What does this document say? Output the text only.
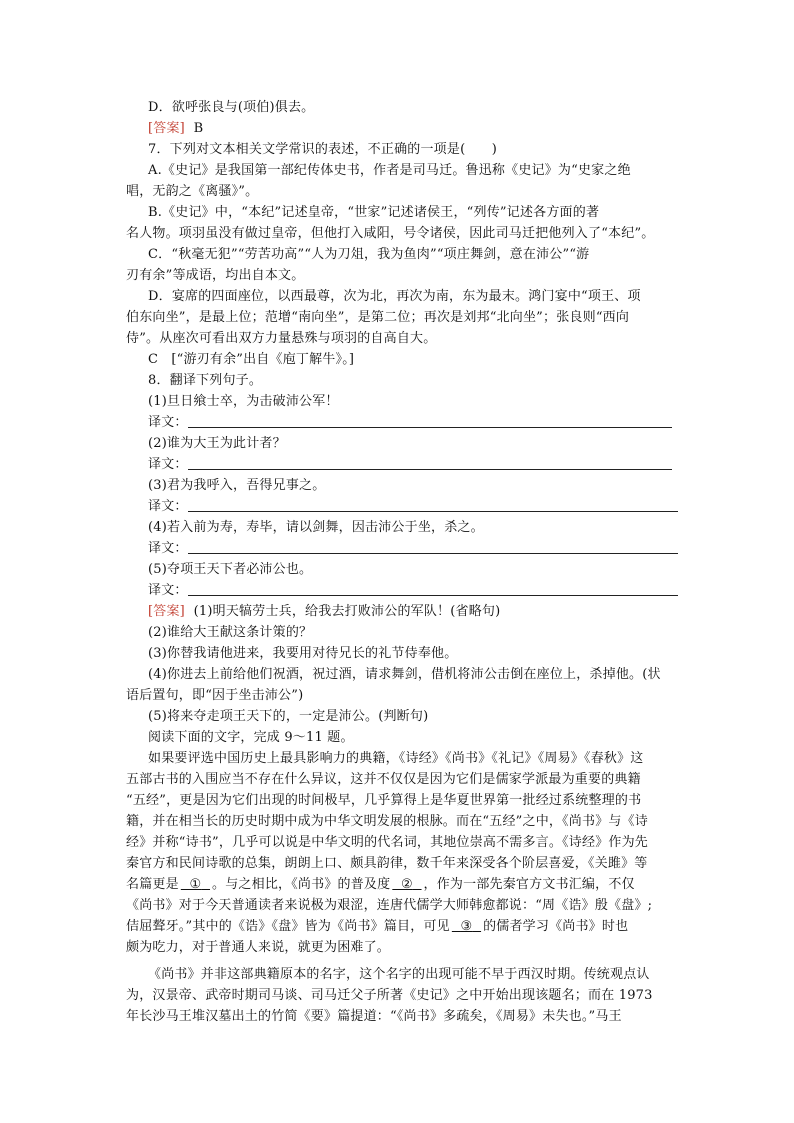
D．欲呼张良与(项伯)俱去。
[答案] B
7．下列对文本相关文学常识的表述，不正确的一项是(　　)
A.《史记》是我国第一部纪传体史书，作者是司马迁。鲁迅称《史记》为“史家之绝
唱，无韵之《离骚》”。
B.《史记》中，“本纪”记述皇帝，“世家”记述诸侯王，“列传”记述各方面的著
名人物。项羽虽没有做过皇帝，但他打入咸阳，号令诸侯，因此司马迁把他列入了“本纪”。
C．“秋毫无犯”“劳苦功高”“人为刀俎，我为鱼肉”“项庄舞剑，意在沛公”“游
刃有余”等成语，均出自本文。
D．宴席的四面座位，以西最尊，次为北，再次为南，东为最末。鸿门宴中“项王、项
伯东向坐”，是最上位；范增“南向坐”，是第二位；再次是刘邦“北向坐”；张良则“西向
侍”。从座次可看出双方力量悬殊与项羽的自高自大。
C　[“游刃有余”出自《庖丁解牛》。]
8．翻译下列句子。
(1)旦日飨士卒，为击破沛公军！
译文：
(2)谁为大王为此计者？
译文：
(3)君为我呼入，吾得兄事之。
译文：
(4)若入前为寿，寿毕，请以剑舞，因击沛公于坐，杀之。
译文：
(5)夺项王天下者必沛公也。
译文：
[答案] (1)明天犒劳士兵，给我去打败沛公的军队！(省略句)
(2)谁给大王献这条计策的？
(3)你替我请他进来，我要用对待兄长的礼节侍奉他。
(4)你进去上前给他们祝酒，祝过酒，请求舞剑，借机将沛公击倒在座位上，杀掉他。(状
语后置句，即“因于坐击沛公”)
(5)将来夺走项王天下的，一定是沛公。(判断句)
阅读下面的文字，完成 9～11 题。
如果要评选中国历史上最具影响力的典籍，《诗经》《尚书》《礼记》《周易》《春秋》这
五部古书的入围应当不存在什么异议，这并不仅仅是因为它们是儒家学派最为重要的典籍
“五经”，更是因为它们出现的时间极早，几乎算得上是华夏世界第一批经过系统整理的书
籍，并在相当长的历史时期中成为中华文明发展的根脉。而在“五经”之中，《尚书》与《诗
经》并称“诗书”，几乎可以说是中华文明的代名词，其地位崇高不需多言。《诗经》作为先
秦官方和民间诗歌的总集，朗朗上口、颇具韵律，数千年来深受各个阶层喜爱，《关雎》等
名篇更是 ① 。与之相比，《尚书》的普及度 ② ，作为一部先秦官方文书汇编，不仅
《尚书》对于今天普通读者来说极为艰涩，连唐代儒学大师韩愈都说：“周《诰》殷《盘》;
佶屈聱牙。”其中的《诰》《盘》皆为《尚书》篇目，可见 ③ 的儒者学习《尚书》时也
颇为吃力，对于普通人来说，就更为困难了。
《尚书》并非这部典籍原本的名字，这个名字的出现可能不早于西汉时期。传统观点认
为，汉景帝、武帝时期司马谈、司马迁父子所著《史记》之中开始出现该题名；而在 1973
年长沙马王堆汉墓出土的竹简《要》篇提道：“《尚书》多疏矣，《周易》未失也。”马王
